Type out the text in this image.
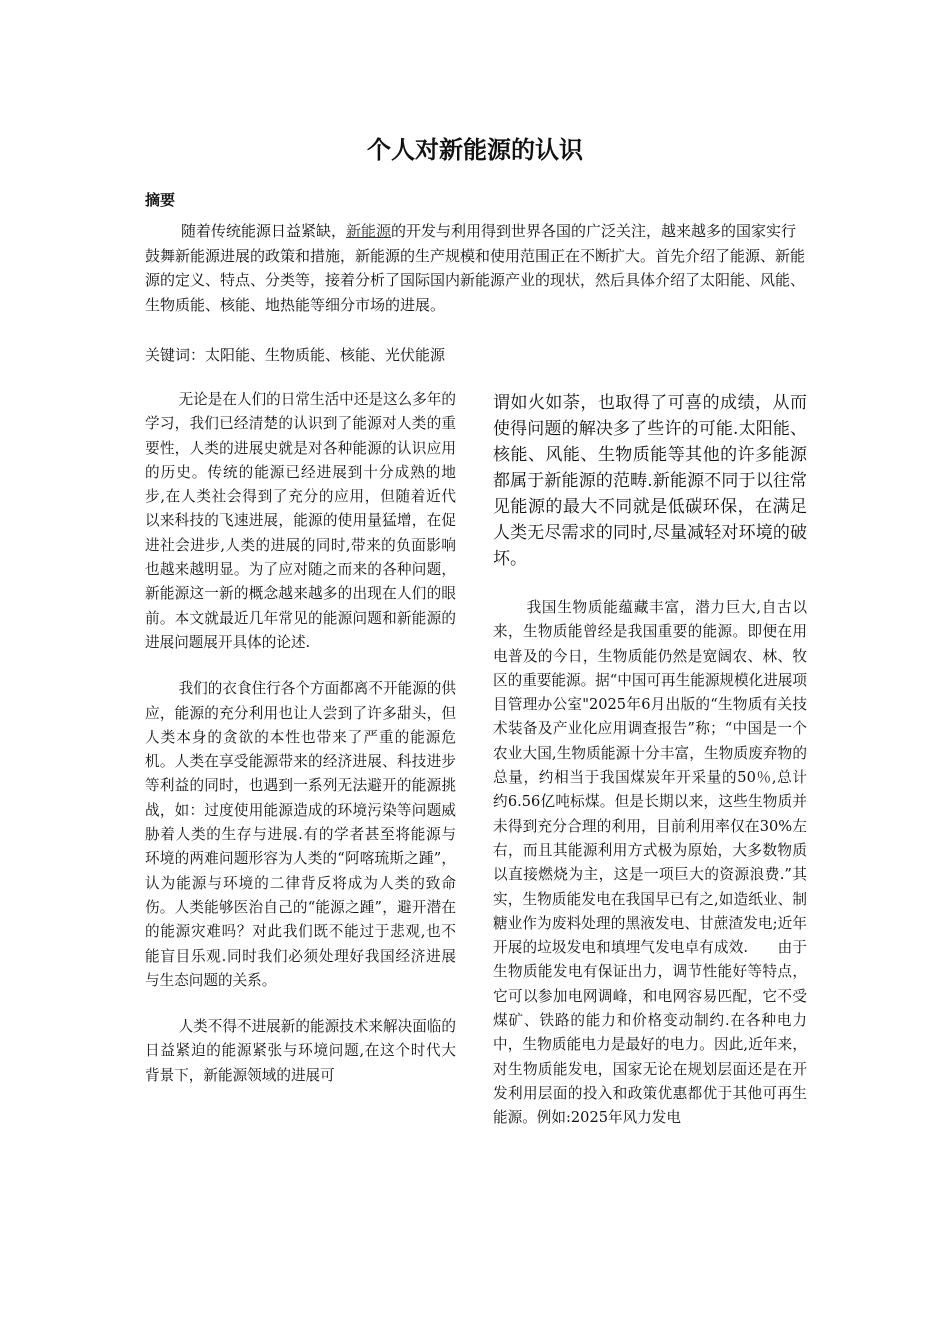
个人对新能源的认识
摘要

随着传统能源日益紧缺，新能源的开发与利用得到世界各国的广泛关注，越来越多的国家实行鼓舞新能源进展的政策和措施，新能源的生产规模和使用范围正在不断扩大。首先介绍了能源、新能源的定义、特点、分类等，接着分析了国际国内新能源产业的现状，然后具体介绍了太阳能、风能、生物质能、核能、地热能等细分市场的进展。

关键词：太阳能、生物质能、核能、光伏能源

无论是在人们的日常生活中还是这么多年的学习，我们已经清楚的认识到了能源对人类的重要性，人类的进展史就是对各种能源的认识应用的历史。传统的能源已经进展到十分成熟的地步,在人类社会得到了充分的应用，但随着近代以来科技的飞速进展，能源的使用量猛增，在促进社会进步,人类的进展的同时,带来的负面影响也越来越明显。为了应对随之而来的各种问题，新能源这一新的概念越来越多的出现在人们的眼前。本文就最近几年常见的能源问题和新能源的进展问题展开具体的论述.

我们的衣食住行各个方面都离不开能源的供应，能源的充分利用也让人尝到了许多甜头，但人类本身的贪欲的本性也带来了严重的能源危机。人类在享受能源带来的经济进展、科技进步等利益的同时，也遇到一系列无法避开的能源挑战，如：过度使用能源造成的环境污染等问题威胁着人类的生存与进展.有的学者甚至将能源与环境的两难问题形容为人类的“阿喀琉斯之踵”，认为能源与环境的二律背反将成为人类的致命伤。人类能够医治自己的“能源之踵”，避开潜在的能源灾难吗？对此我们既不能过于悲观,也不能盲目乐观.同时我们必须处理好我国经济进展与生态问题的关系。

人类不得不进展新的能源技术来解决面临的日益紧迫的能源紧张与环境问题,在这个时代大背景下，新能源领域的进展可

谓如火如荼，也取得了可喜的成绩，从而使得问题的解决多了些许的可能.太阳能、核能、风能、生物质能等其他的许多能源都属于新能源的范畴.新能源不同于以往常见能源的最大不同就是低碳环保，在满足人类无尽需求的同时,尽量减轻对环境的破坏。

我国生物质能蕴藏丰富，潜力巨大,自古以来，生物质能曾经是我国重要的能源。即便在用电普及的今日，生物质能仍然是宽阔农、林、牧区的重要能源。据“中国可再生能源规模化进展项目管理办公室"2025年6月出版的“生物质有关技术装备及产业化应用调查报告”称；“中国是一个农业大国,生物质能源十分丰富，生物质废弃物的总量，约相当于我国煤炭年开采量的50％,总计约6.56亿吨标煤。但是长期以来，这些生物质并未得到充分合理的利用，目前利用率仅在30%左右，而且其能源利用方式极为原始，大多数物质以直接燃烧为主，这是一项巨大的资源浪费.”其实，生物质能发电在我国早已有之,如造纸业、制糖业作为废料处理的黑液发电、甘蔗渣发电;近年开展的垃圾发电和填埋气发电卓有成效.　　由于生物质能发电有保证出力，调节性能好等特点，它可以参加电网调峰，和电网容易匹配，它不受煤矿、铁路的能力和价格变动制约.在各种电力中，生物质能电力是最好的电力。因此,近年来，对生物质能发电，国家无论在规划层面还是在开发利用层面的投入和政策优惠都优于其他可再生能源。例如:2025年风力发电
